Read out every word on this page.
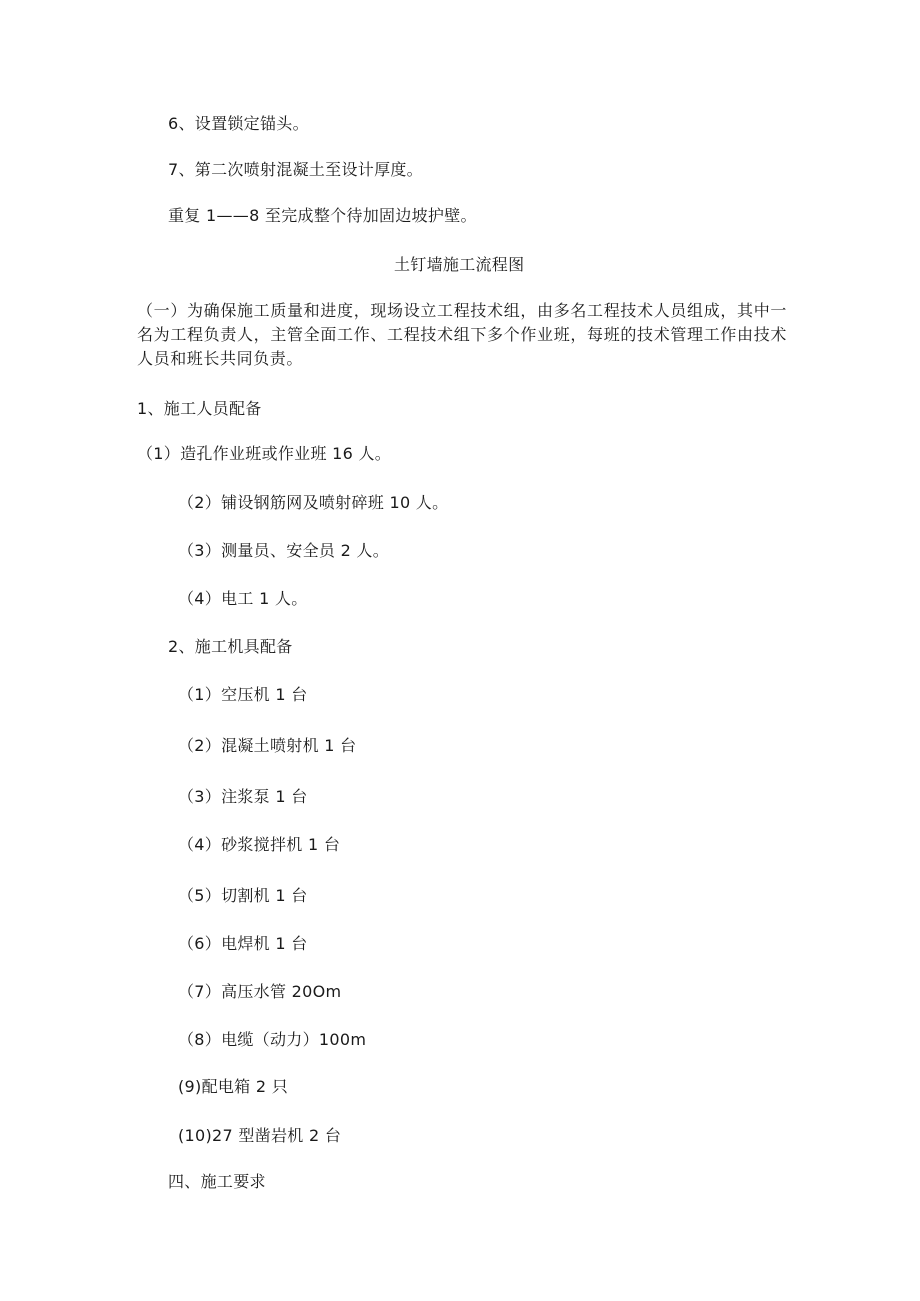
6、设置锁定锚头。
7、第二次喷射混凝土至设计厚度。
重复 1——8 至完成整个待加固边坡护壁。
土钉墙施工流程图
（一）为确保施工质量和进度，现场设立工程技术组，由多名工程技术人员组成，其中一名为工程负责人，主管全面工作、工程技术组下多个作业班，每班的技术管理工作由技术人员和班长共同负责。
1、施工人员配备
（1）造孔作业班或作业班 16 人。
（2）铺设钢筋网及喷射碎班 10 人。
（3）测量员、安全员 2 人。
（4）电工 1 人。
2、施工机具配备
（1）空压机 1 台
（2）混凝土喷射机 1 台
（3）注浆泵 1 台
（4）砂浆搅拌机 1 台
（5）切割机 1 台
（6）电焊机 1 台
（7）高压水管 20Om
（8）电缆（动力）100m
(9)配电箱 2 只
(10)27 型凿岩机 2 台
四、施工要求
